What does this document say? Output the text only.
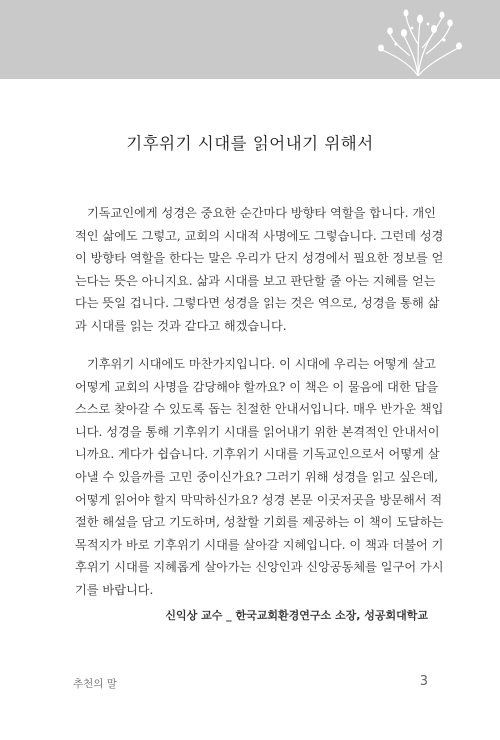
기후위기 시대를 읽어내기 위해서
기독교인에게 성경은 중요한 순간마다 방향타 역할을 합니다. 개인
적인 삶에도 그렇고, 교회의 시대적 사명에도 그렇습니다. 그런데 성경
이 방향타 역할을 한다는 말은 우리가 단지 성경에서 필요한 정보를 얻
는다는 뜻은 아니지요. 삶과 시대를 보고 판단할 줄 아는 지혜를 얻는
다는 뜻일 겁니다. 그렇다면 성경을 읽는 것은 역으로, 성경을 통해 삶
과 시대를 읽는 것과 같다고 해겠습니다.
기후위기 시대에도 마찬가지입니다. 이 시대에 우리는 어떻게 살고
어떻게 교회의 사명을 감당해야 할까요? 이 책은 이 물음에 대한 답을
스스로 찾아갈 수 있도록 돕는 친절한 안내서입니다. 매우 반가운 책입
니다. 성경을 통해 기후위기 시대를 읽어내기 위한 본격적인 안내서이
니까요. 게다가 쉽습니다. 기후위기 시대를 기독교인으로서 어떻게 살
아낼 수 있을까를 고민 중이신가요? 그러기 위해 성경을 읽고 싶은데,
어떻게 읽어야 할지 막막하신가요? 성경 본문 이곳저곳을 방문해서 적
절한 해설을 담고 기도하며, 성찰할 기회를 제공하는 이 책이 도달하는
목적지가 바로 기후위기 시대를 살아갈 지혜입니다. 이 책과 더불어 기
후위기 시대를 지혜롭게 살아가는 신앙인과 신앙공동체를 일구어 가시
기를 바랍니다.
신익상 교수 _ 한국교회환경연구소 소장, 성공회대학교
추천의 말	3
